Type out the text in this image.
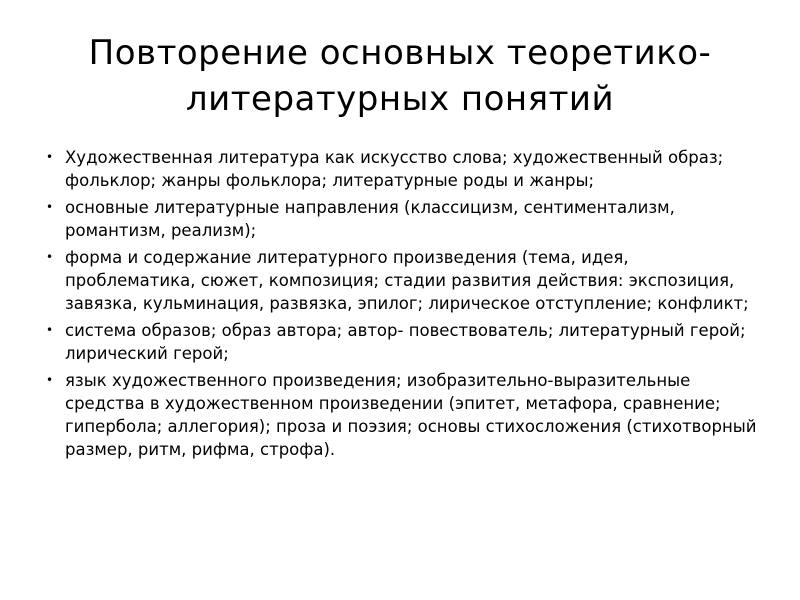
Повторение основных теоретико-
литературных понятий
• Художественная литература как искусство слова; художественный образ; фольклор; жанры фольклора; литературные роды и жанры;
• основные литературные направления (классицизм, сентиментализм, романтизм, реализм);
• форма и содержание литературного произведения (тема, идея, проблематика, сюжет, композиция; стадии развития действия: экспозиция, завязка, кульминация, развязка, эпилог; лирическое отступление; конфликт;
• система образов; образ автора; автор- повествователь; литературный герой; лирический герой;
• язык художественного произведения; изобразительно-выразительные средства в художественном произведении (эпитет, метафора, сравнение; гипербола; аллегория); проза и поэзия; основы стихосложения (стихотворный размер, ритм, рифма, строфа).
